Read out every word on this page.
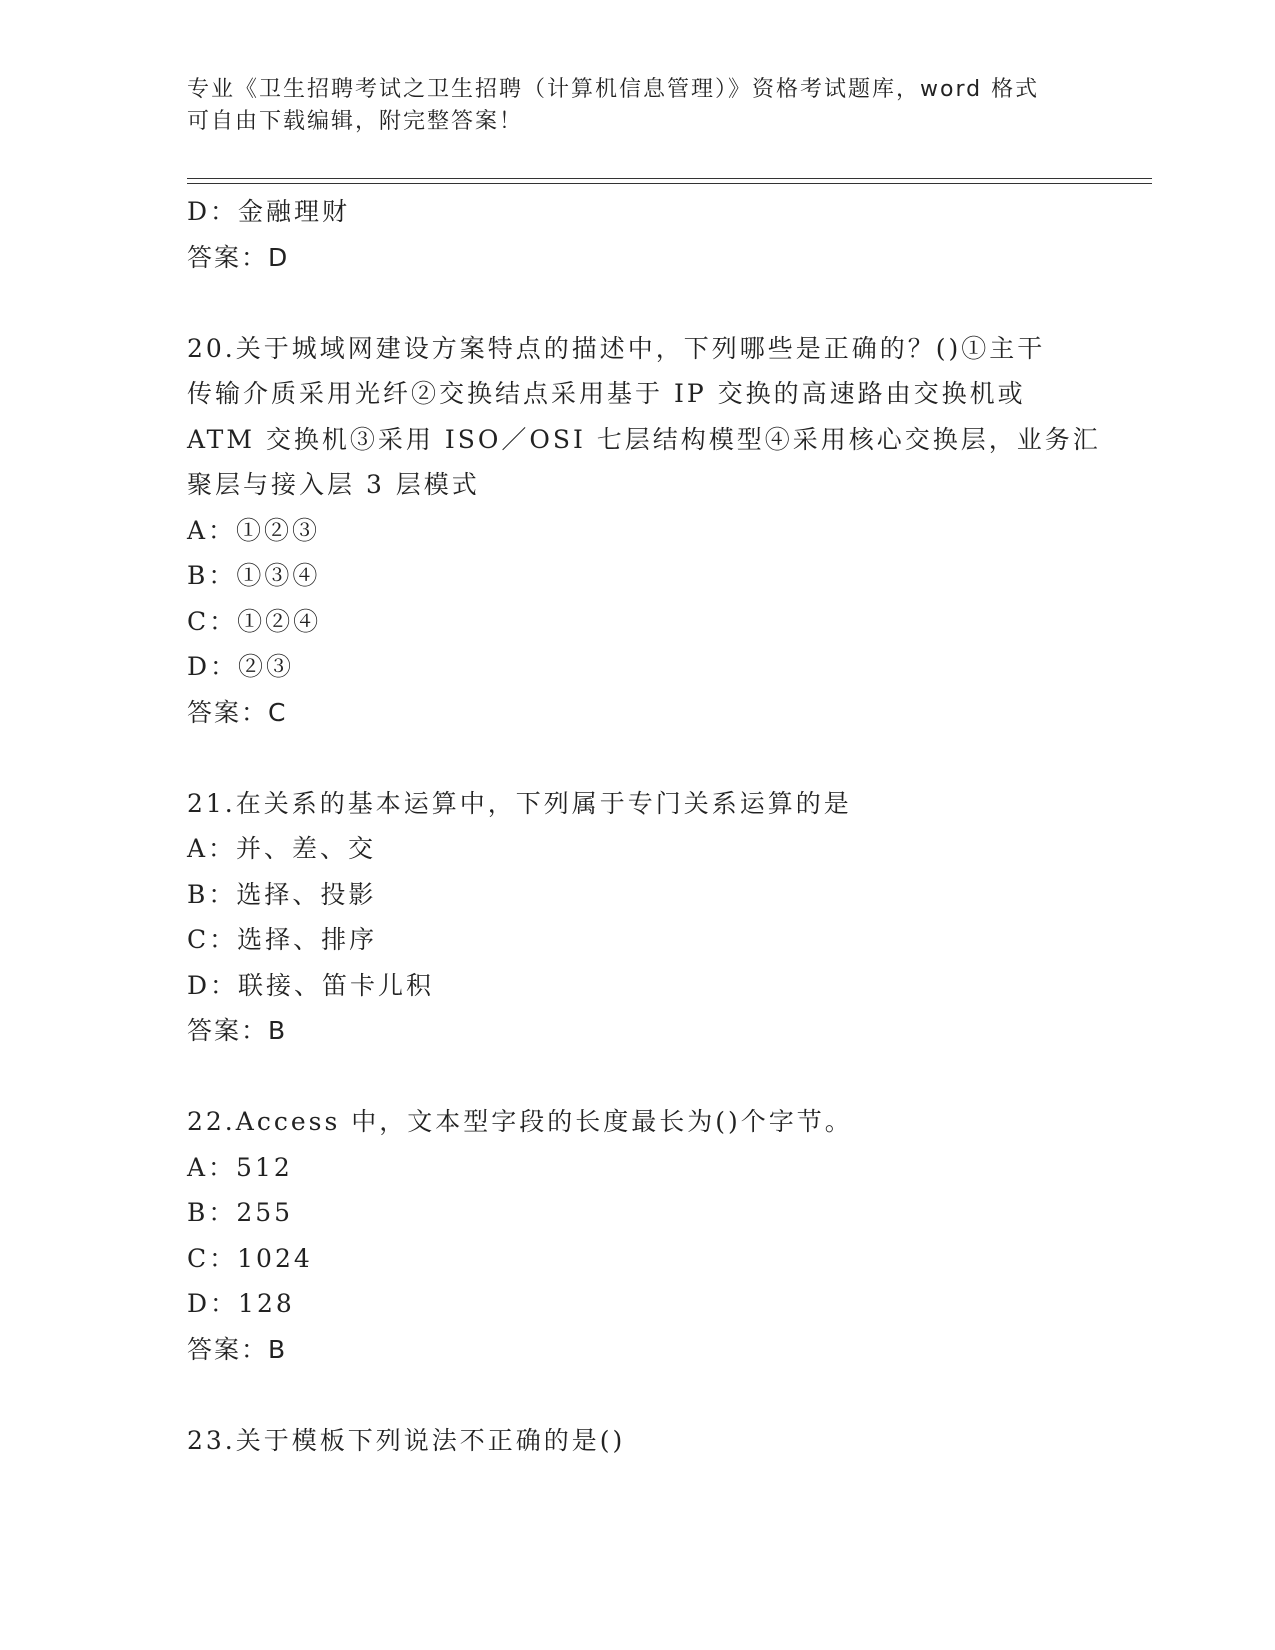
专业《卫生招聘考试之卫生招聘（计算机信息管理）》资格考试题库，word 格式
可自由下载编辑，附完整答案！
D：金融理财
答案：D
20.关于城域网建设方案特点的描述中，下列哪些是正确的？()①主干
传输介质采用光纤②交换结点采用基于 IP 交换的高速路由交换机或
ATM 交换机③采用 ISO／OSI 七层结构模型④采用核心交换层，业务汇
聚层与接入层 3 层模式
A：①②③
B：①③④
C：①②④
D：②③
答案：C
21.在关系的基本运算中，下列属于专门关系运算的是
A：并、差、交
B：选择、投影
C：选择、排序
D：联接、笛卡儿积
答案：B
22.Access 中，文本型字段的长度最长为()个字节。
A：512
B：255
C：1024
D：128
答案：B
23.关于模板下列说法不正确的是()
